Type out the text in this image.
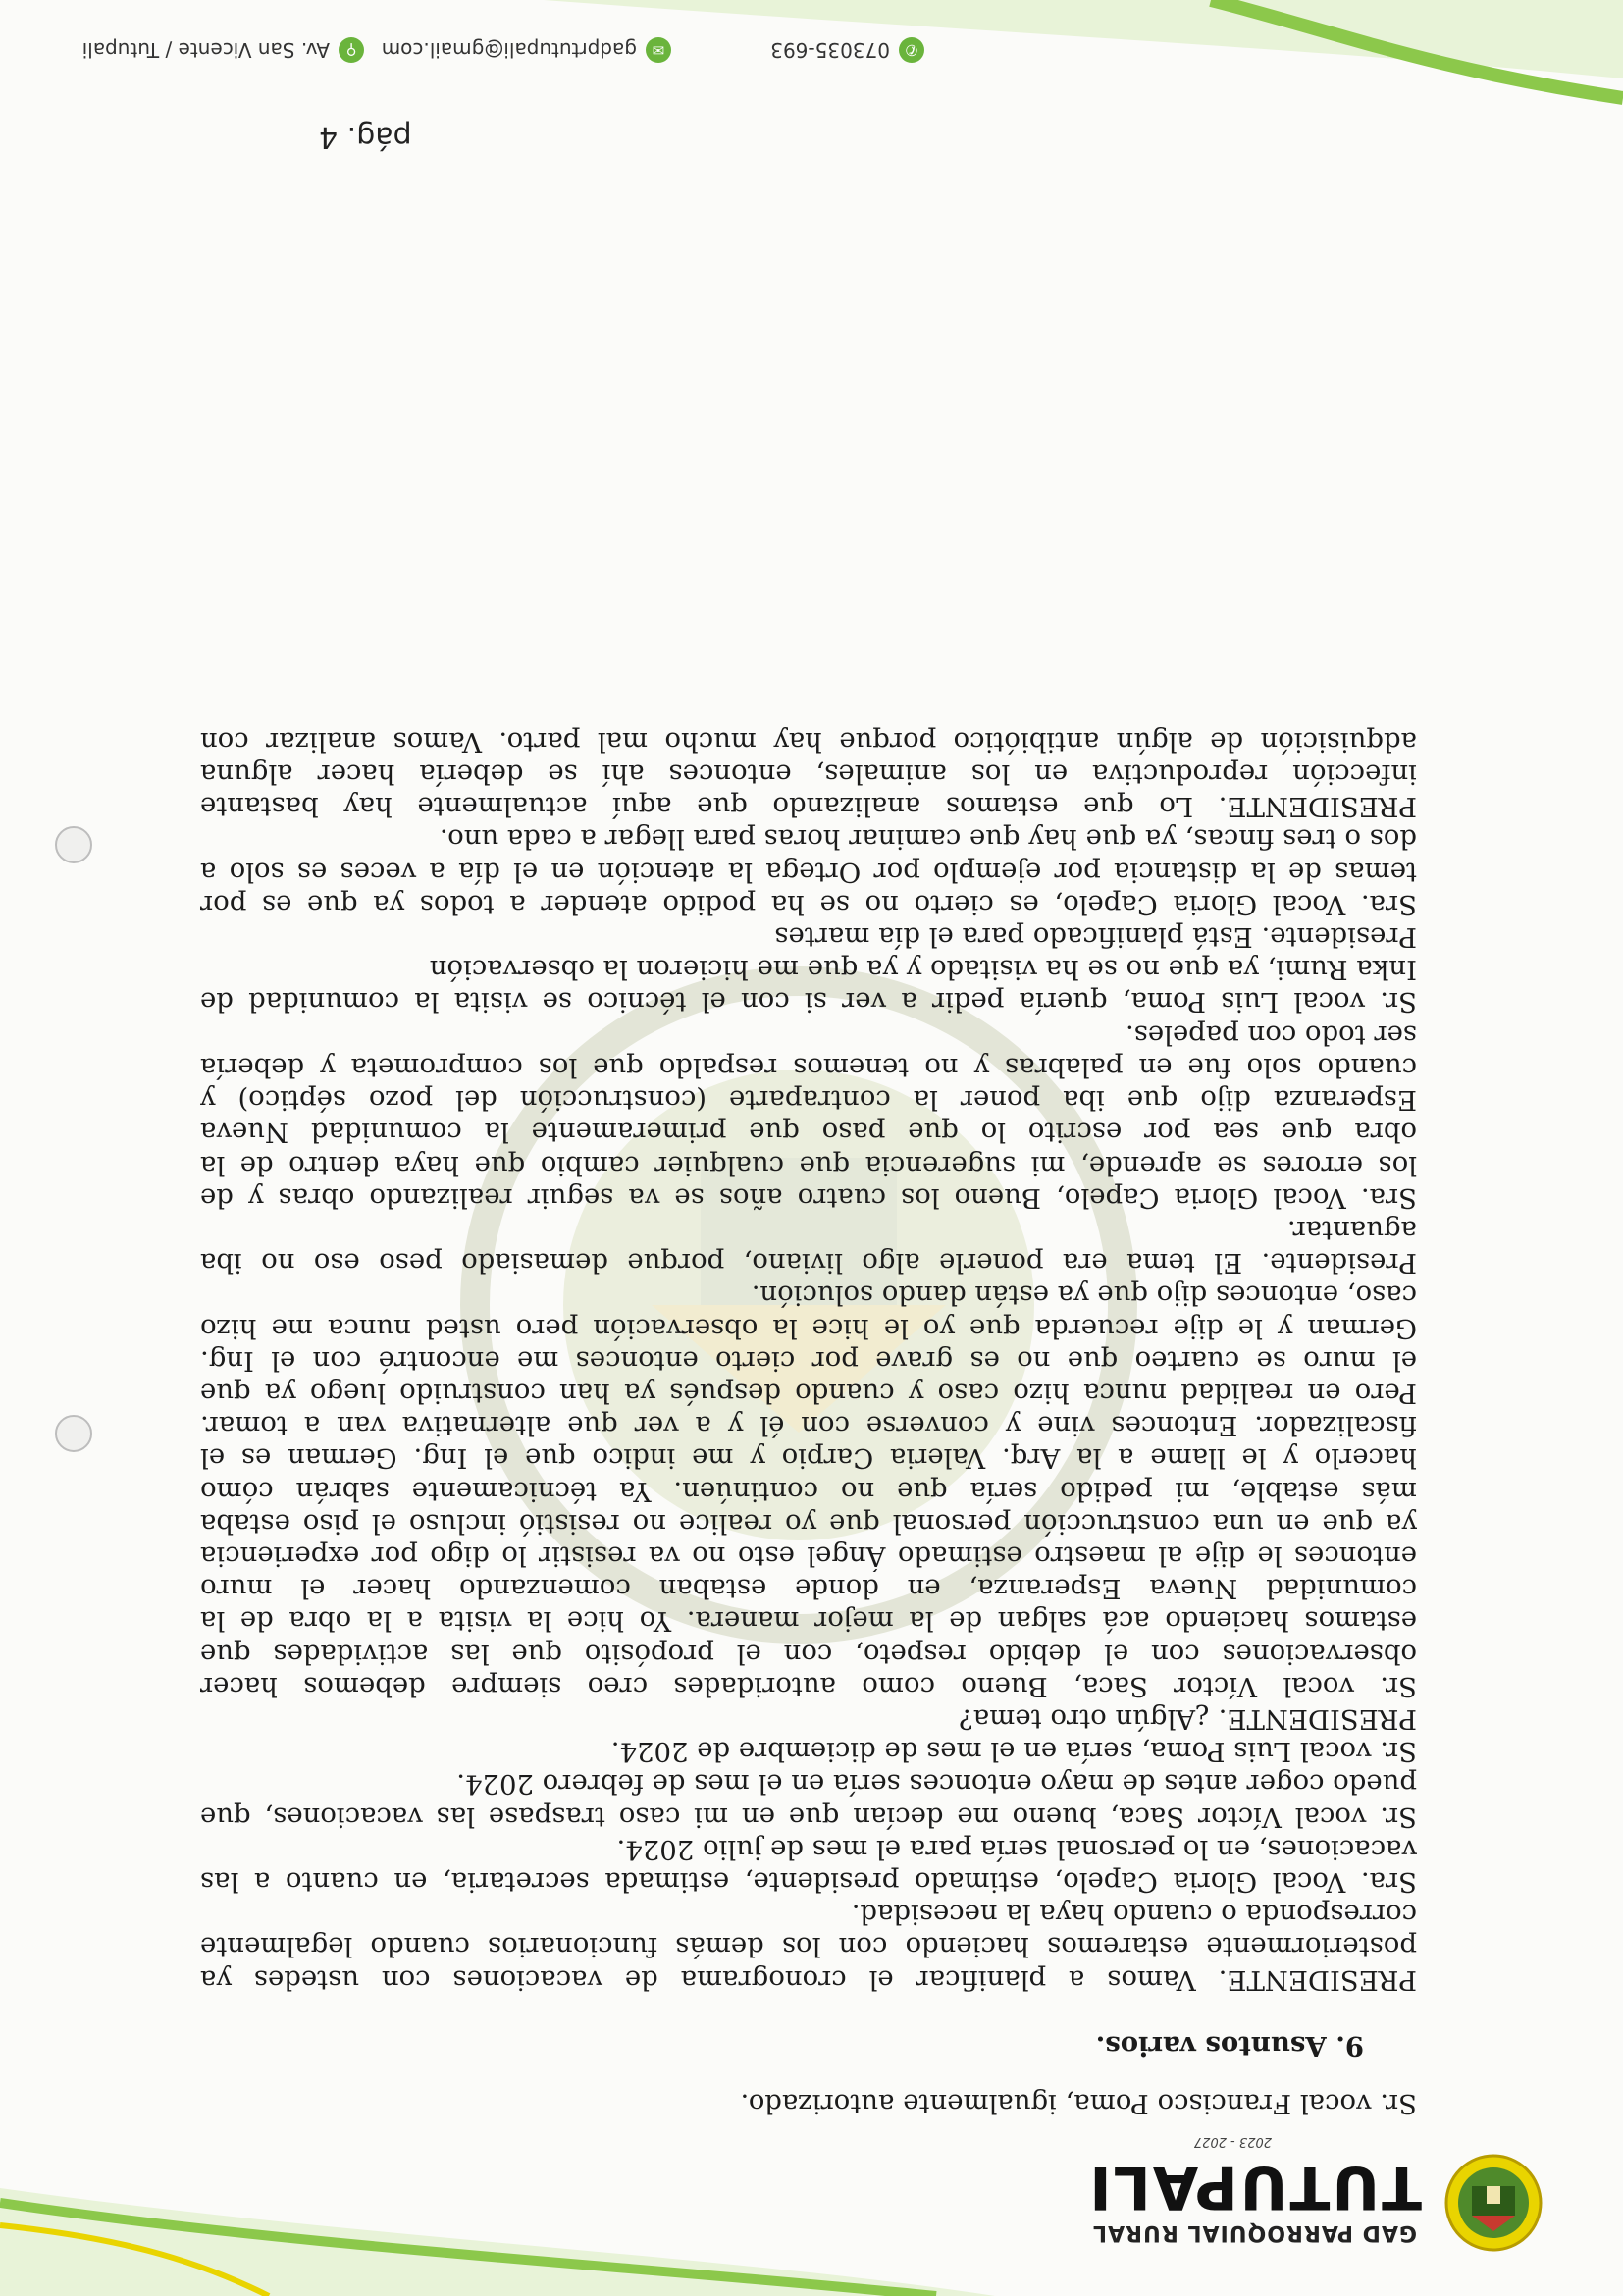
GAD PARROQUIAL RURAL
TUTUPALI
2023 - 2027

Sr. vocal Francisco Poma, igualmente autorizado.

9. Asuntos varios.

PRESIDENTE. Vamos a planificar el cronograma de vacaciones con ustedes ya

posteriormente estaremos haciendo con los demás funcionarios cuando legalmente

corresponda o cuando haya la necesidad.

Sra. Vocal Gloria Capelo, estimado presidente, estimada secretaria, en cuanto a las

vacaciones, en lo personal sería para el mes de julio 2024.

Sr. vocal Víctor Saca, bueno me decían que en mi caso traspase las vacaciones, que

puedo coger antes de mayo entonces sería en el mes de febrero 2024.

Sr. vocal Luis Poma, sería en el mes de diciembre de 2024.

PRESIDENTE. ¿Algún otro tema?

Sr. vocal Víctor Saca, Bueno como autoridades creo siempre debemos hacer

observaciones con el debido respeto, con el propósito que las actividades que

estamos haciendo acá salgan de la mejor manera. Yo hice la visita a la obra de la

comunidad Nueva Esperanza, en donde estaban comenzando hacer el muro

entonces le dije al maestro estimado Ángel esto no va resistir lo digo por experiencia

ya que en una construcción personal que yo realice no resistió incluso el piso estaba

más estable, mi pedido sería que no continúen. Ya técnicamente sabrán cómo

hacerlo y le llame a la Arq. Valeria Carpio y me indico que el Ing. German es el

fiscalizador. Entonces vine y converse con él y a ver que alternativa van a tomar.

Pero en realidad nunca hizo caso y cuando después ya han construido luego ya que

el muro se cuarteo que no es grave por cierto entonces me encontré con el Ing.

German y le dije recuerda que yo le hice la observación pero usted nunca me hizo

caso, entonces dijo que ya están dando solución.

Presidente. El tema era ponerle algo liviano, porque demasiado peso eso no iba

aguantar.

Sra. Vocal Gloria Capelo, Bueno los cuatro años se va seguir realizando obras y de

los errores se aprende, mi sugerencia que cualquier cambio que haya dentro de la

obra que sea por escrito lo que paso que primeramente la comunidad Nueva

Esperanza dijo que iba poner la contraparte (construcción del pozo séptico) y

cuando solo fue en palabras y no tenemos respaldo que los comprometa y debería

ser todo con papeles.

Sr. vocal Luis Poma, quería pedir a ver si con el técnico se visita la comunidad de

Inka Rumi, ya que no se ha visitado y ya que me hicieron la observación

Presidente. Está planificado para el día martes

Sra. Vocal Gloria Capelo, es cierto no se ha podido atender a todos ya que es por

temas de la distancia por ejemplo por Ortega la atención en el día a veces es solo a

dos o tres fincas, ya que hay que caminar horas para llegar a cada uno.

PRESIDENTE. Lo que estamos analizando que aquí actualmente hay bastante

infección reproductiva en los animales, entonces ahí se debería hacer alguna

adquisición de algún antibiótico porque hay mucho mal parto. Vamos analizar con

pág. 4
✆
073035-693
✉
gadprtutupali@gmail.com
⚲
Av. San Vicente / Tutupali
